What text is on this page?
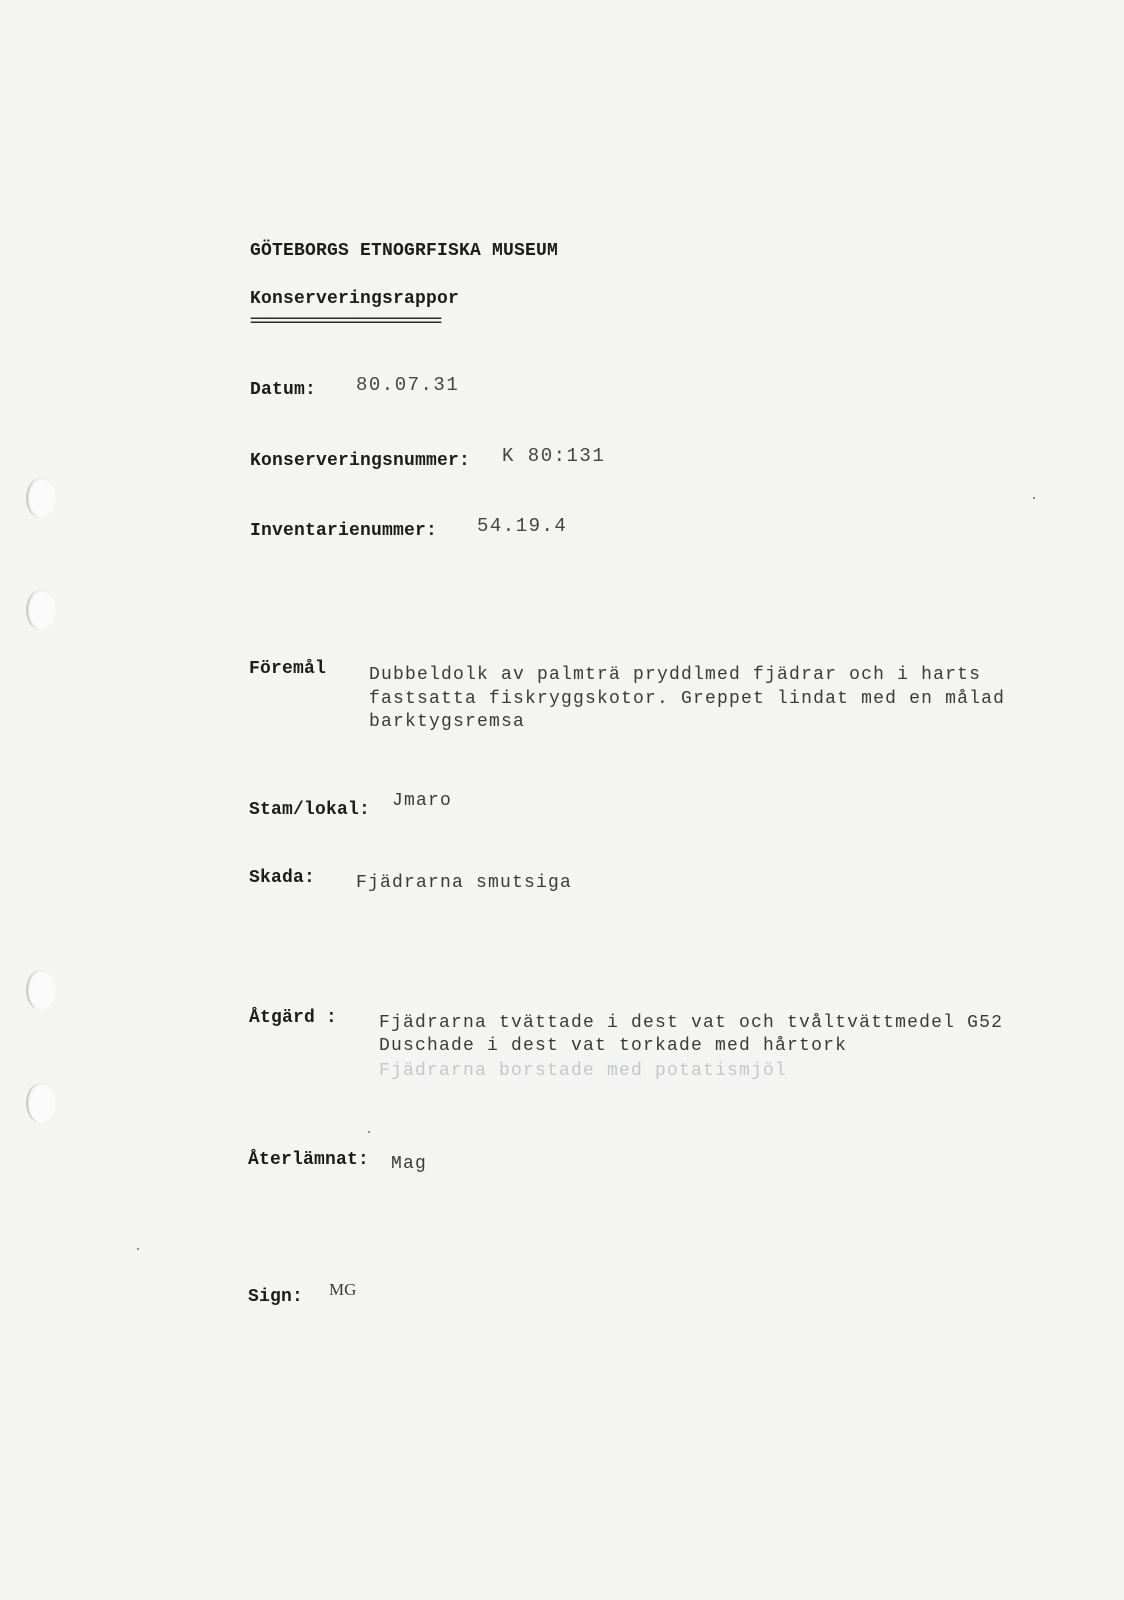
GÖTEBORGS ETNOGRFISKA MUSEUM
Konserveringsrappor
============================
Datum: 80.07.31
Konserveringsnummer: K 80:131
Inventarienummer: 54.19.4
Föremål Dubbeldolk av palmträ pryddlmed fjädrar och i harts
fastsatta fiskryggskotor. Greppet lindat med en målad
barktygsremsa
Stam/lokal: Jmaro
Skada: Fjädrarna smutsiga
Åtgärd : Fjädrarna tvättade i dest vat och tvåltvättmedel G52
Duschade i dest vat torkade med hårtork
Fjädrarna borstade med potatismjöl
Återlämnat: Mag
Sign: MG
